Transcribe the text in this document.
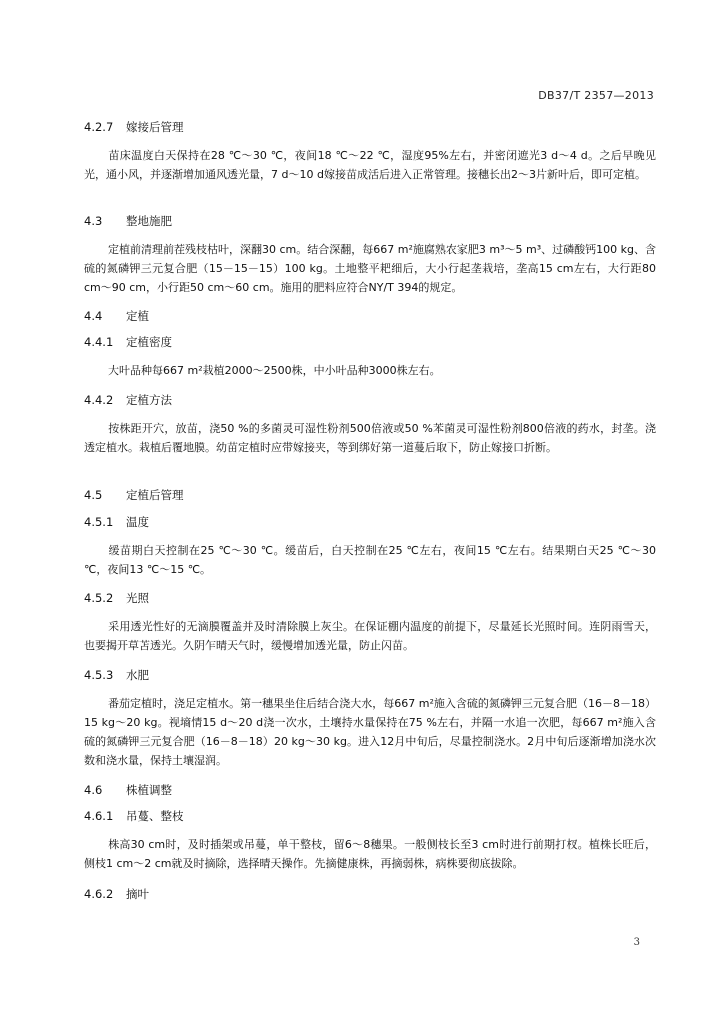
DB37/T 2357—2013
4.2.7 嫁接后管理

苗床温度白天保持在28 ℃～30 ℃，夜间18 ℃～22 ℃，湿度95%左右，并密闭遮光3 d～4 d。之后早晚见光，通小风，并逐渐增加通风透光量，7 d～10 d嫁接苗成活后进入正常管理。接穗长出2～3片新叶后，即可定植。

4.3 整地施肥

定植前清理前茬残枝枯叶，深翻30 cm。结合深翻，每667 m²施腐熟农家肥3 m³～5 m³、过磷酸钙100 kg、含硫的氮磷钾三元复合肥（15－15－15）100 kg。土地整平耙细后，大小行起垄栽培，垄高15 cm左右，大行距80 cm～90 cm，小行距50 cm～60 cm。施用的肥料应符合NY/T 394的规定。

4.4 定植
4.4.1 定植密度

大叶品种每667 m²栽植2000～2500株，中小叶品种3000株左右。

4.4.2 定植方法

按株距开穴，放苗，浇50 %的多菌灵可湿性粉剂500倍液或50 %苯菌灵可湿性粉剂800倍液的药水，封垄。浇透定植水。栽植后覆地膜。幼苗定植时应带嫁接夹，等到绑好第一道蔓后取下，防止嫁接口折断。

4.5 定植后管理
4.5.1 温度

缓苗期白天控制在25 ℃～30 ℃。缓苗后，白天控制在25 ℃左右，夜间15 ℃左右。结果期白天25 ℃～30 ℃，夜间13 ℃～15 ℃。

4.5.2 光照

采用透光性好的无滴膜覆盖并及时清除膜上灰尘。在保证棚内温度的前提下，尽量延长光照时间。连阴雨雪天，也要揭开草苫透光。久阴乍晴天气时，缓慢增加透光量，防止闪苗。

4.5.3 水肥

番茄定植时，浇足定植水。第一穗果坐住后结合浇大水，每667 m²施入含硫的氮磷钾三元复合肥（16－8－18）15 kg～20 kg。视墒情15 d～20 d浇一次水，土壤持水量保持在75 %左右，并隔一水追一次肥，每667 m²施入含硫的氮磷钾三元复合肥（16－8－18）20 kg～30 kg。进入12月中旬后，尽量控制浇水。2月中旬后逐渐增加浇水次数和浇水量，保持土壤湿润。

4.6 株植调整
4.6.1 吊蔓、整枝

株高30 cm时，及时插架或吊蔓，单干整枝，留6～8穗果。一般侧枝长至3 cm时进行前期打杈。植株长旺后，侧枝1 cm～2 cm就及时摘除，选择晴天操作。先摘健康株，再摘弱株，病株要彻底拔除。

4.6.2 摘叶
3
